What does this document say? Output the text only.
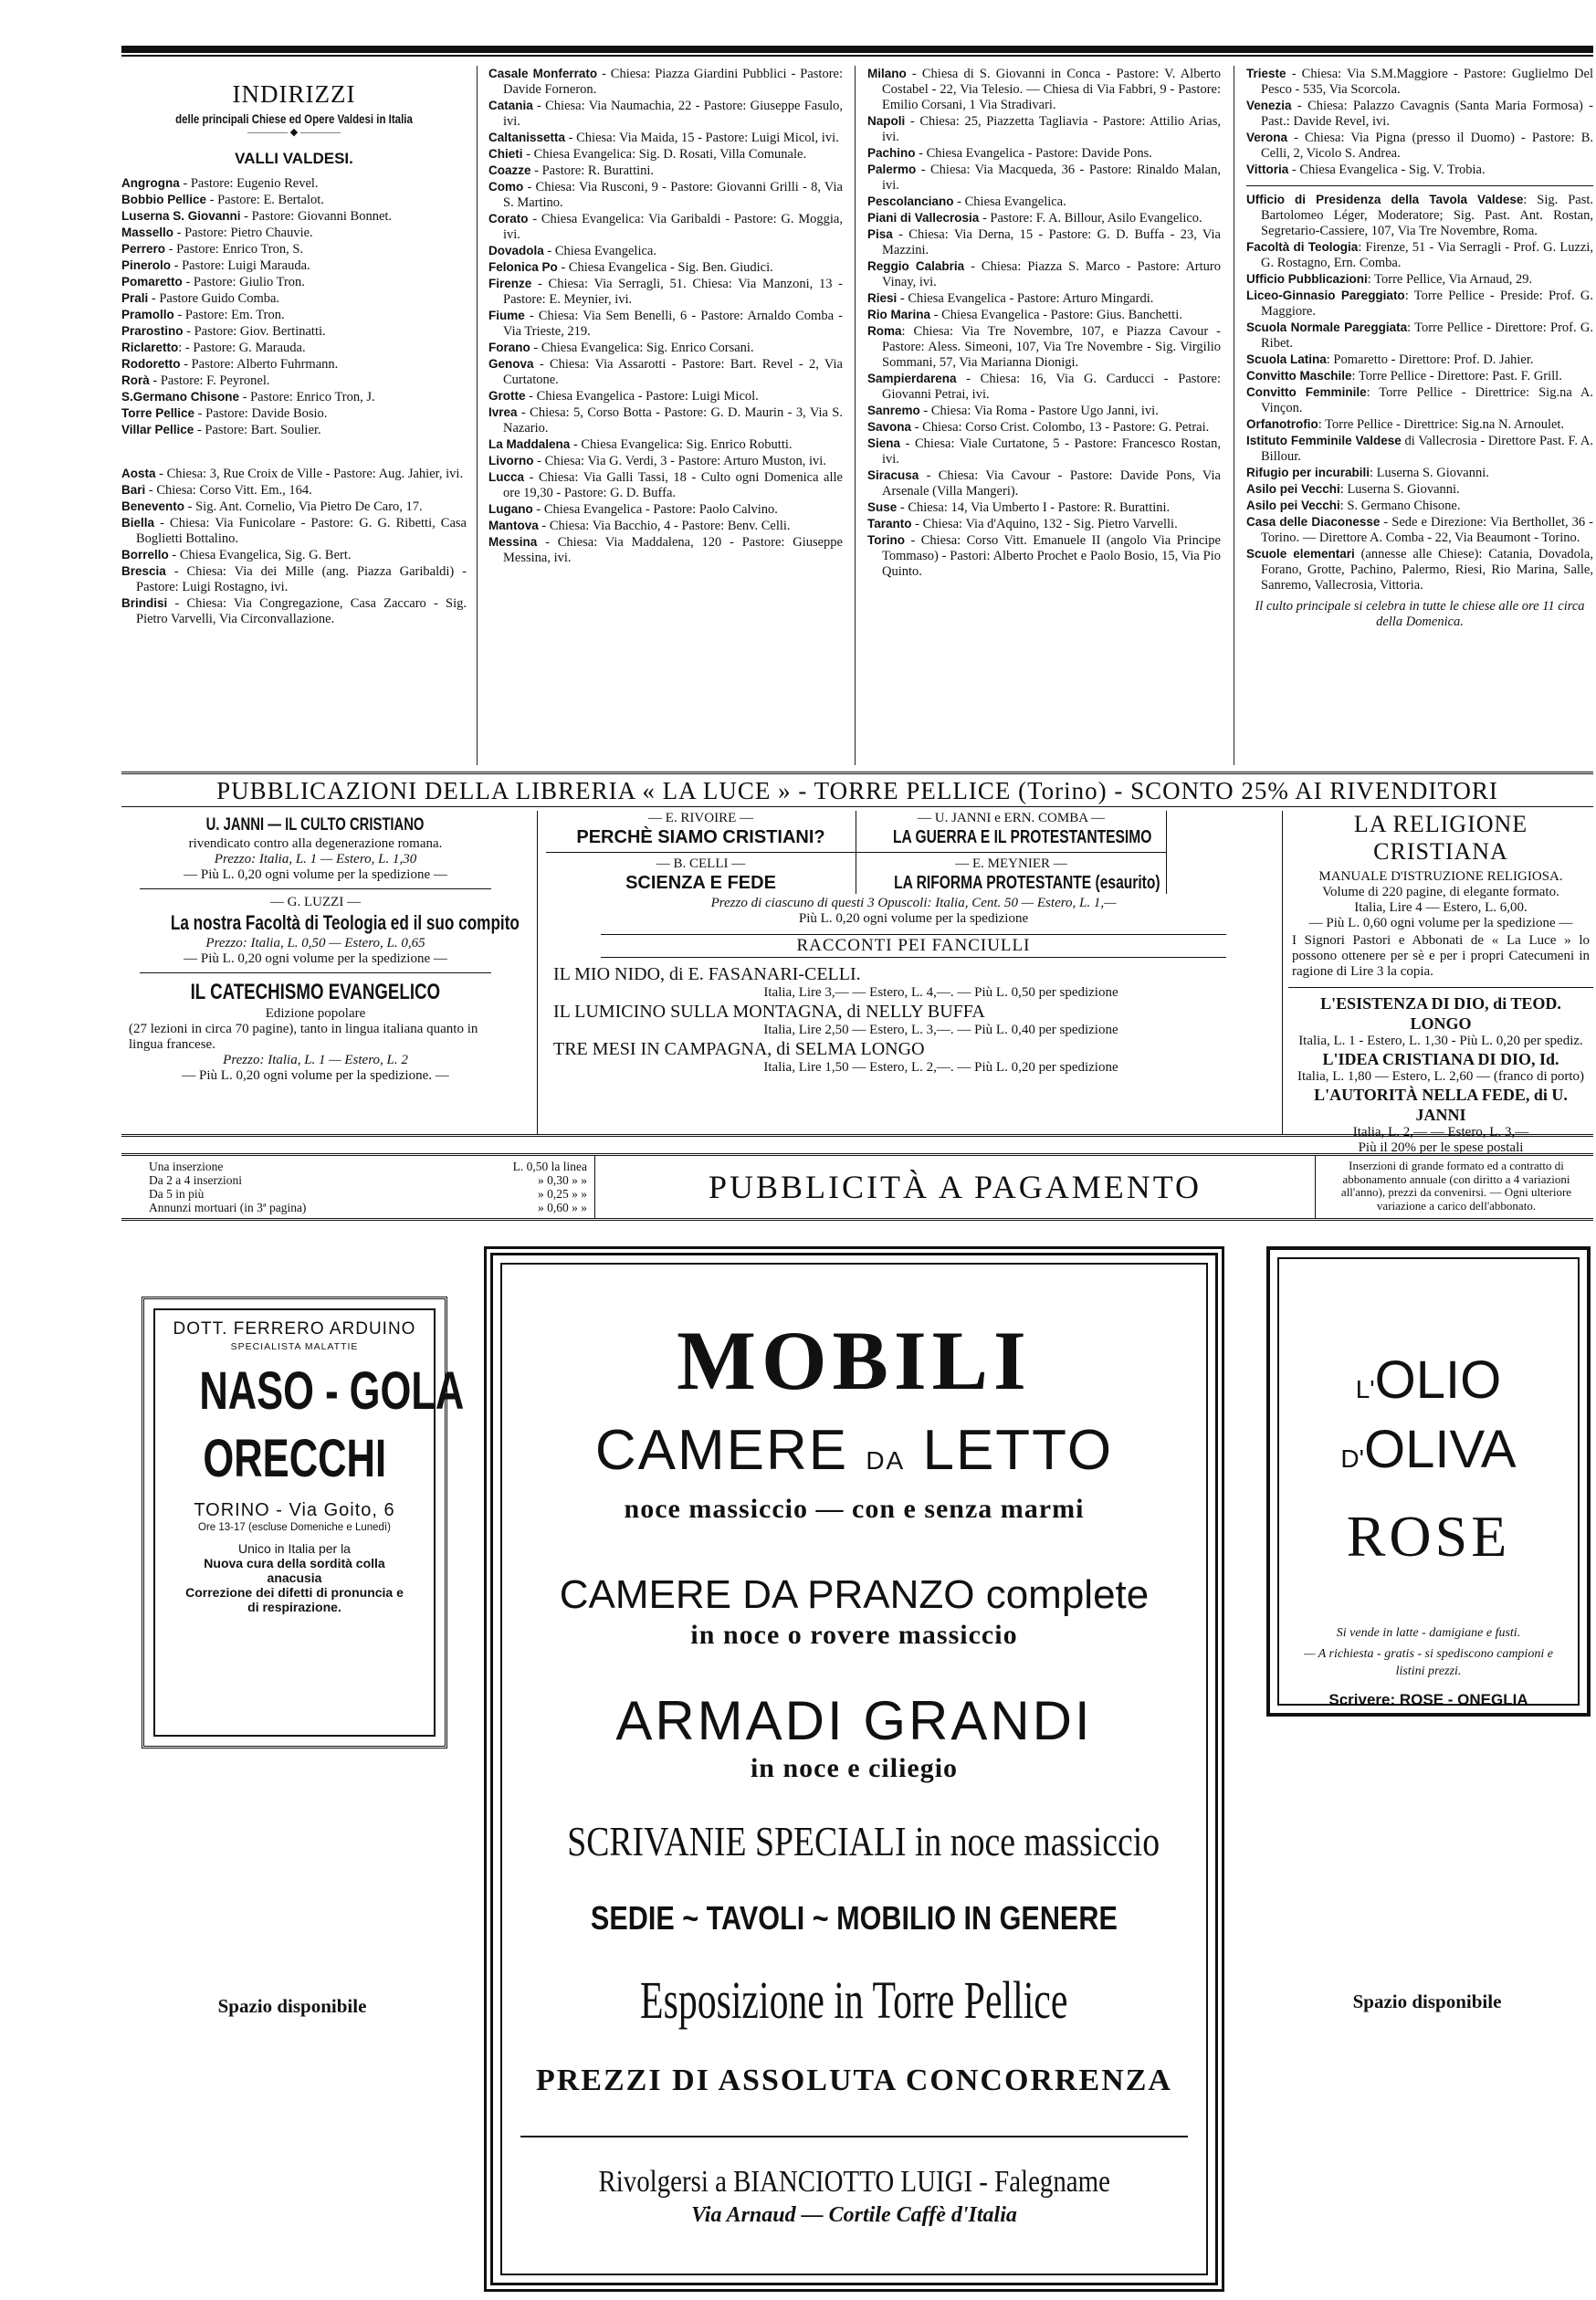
INDIRIZZI
delle principali Chiese ed Opere Valdesi in Italia
———— ◆ ————
VALLI VALDESI.
Angrogna - Pastore: Eugenio Revel.
Bobbio Pellice - Pastore: E. Bertalot.
Luserna S. Giovanni - Pastore: Giovanni Bonnet.
Massello - Pastore: Pietro Chauvie.
Perrero - Pastore: Enrico Tron, S.
Pinerolo - Pastore: Luigi Marauda.
Pomaretto - Pastore: Giulio Tron.
Prali - Pastore Guido Comba.
Pramollo - Pastore: Em. Tron.
Prarostino - Pastore: Giov. Bertinatti.
Riclaretto: - Pastore: G. Marauda.
Rodoretto - Pastore: Alberto Fuhrmann.
Rorà - Pastore: F. Peyronel.
S.Germano Chisone - Pastore: Enrico Tron, J.
Torre Pellice - Pastore: Davide Bosio.
Villar Pellice - Pastore: Bart. Soulier.
Aosta - Chiesa: 3, Rue Croix de Ville - Pastore: Aug. Jahier, ivi.
Bari - Chiesa: Corso Vitt. Em., 164.
Benevento - Sig. Ant. Cornelio, Via Pietro De Caro, 17.
Biella - Chiesa: Via Funicolare - Pastore: G. G. Ribetti, Casa Boglietti Bottalino.
Borrello - Chiesa Evangelica, Sig. G. Bert.
Brescia - Chiesa: Via dei Mille (ang. Piazza Garibaldi) - Pastore: Luigi Rostagno, ivi.
Brindisi - Chiesa: Via Congregazione, Casa Zaccaro - Sig. Pietro Varvelli, Via Circonvallazione.
Casale Monferrato - Chiesa: Piazza Giardini Pubblici - Pastore: Davide Forneron.
Catania - Chiesa: Via Naumachia, 22 - Pastore: Giuseppe Fasulo, ivi.
Caltanissetta - Chiesa: Via Maida, 15 - Pastore: Luigi Micol, ivi.
Chieti - Chiesa Evangelica: Sig. D. Rosati, Villa Comunale.
Coazze - Pastore: R. Burattini.
Como - Chiesa: Via Rusconi, 9 - Pastore: Giovanni Grilli - 8, Via S. Martino.
Corato - Chiesa Evangelica: Via Garibaldi - Pastore: G. Moggia, ivi.
Dovadola - Chiesa Evangelica.
Felonica Po - Chiesa Evangelica - Sig. Ben. Giudici.
Firenze - Chiesa: Via Serragli, 51. Chiesa: Via Manzoni, 13 - Pastore: E. Meynier, ivi.
Fiume - Chiesa: Via Sem Benelli, 6 - Pastore: Arnaldo Comba - Via Trieste, 219.
Forano - Chiesa Evangelica: Sig. Enrico Corsani.
Genova - Chiesa: Via Assarotti - Pastore: Bart. Revel - 2, Via Curtatone.
Grotte - Chiesa Evangelica - Pastore: Luigi Micol.
Ivrea - Chiesa: 5, Corso Botta - Pastore: G. D. Maurin - 3, Via S. Nazario.
La Maddalena - Chiesa Evangelica: Sig. Enrico Robutti.
Livorno - Chiesa: Via G. Verdi, 3 - Pastore: Arturo Muston, ivi.
Lucca - Chiesa: Via Galli Tassi, 18 - Culto ogni Domenica alle ore 19,30 - Pastore: G. D. Buffa.
Lugano - Chiesa Evangelica - Pastore: Paolo Calvino.
Mantova - Chiesa: Via Bacchio, 4 - Pastore: Benv. Celli.
Messina - Chiesa: Via Maddalena, 120 - Pastore: Giuseppe Messina, ivi.
Milano - Chiesa di S. Giovanni in Conca - Pastore: V. Alberto Costabel - 22, Via Telesio. — Chiesa di Via Fabbri, 9 - Pastore: Emilio Corsani, 1 Via Stradivari.
Napoli - Chiesa: 25, Piazzetta Tagliavia - Pastore: Attilio Arias, ivi.
Pachino - Chiesa Evangelica - Pastore: Davide Pons.
Palermo - Chiesa: Via Macqueda, 36 - Pastore: Rinaldo Malan, ivi.
Pescolanciano - Chiesa Evangelica.
Piani di Vallecrosia - Pastore: F. A. Billour, Asilo Evangelico.
Pisa - Chiesa: Via Derna, 15 - Pastore: G. D. Buffa - 23, Via Mazzini.
Reggio Calabria - Chiesa: Piazza S. Marco - Pastore: Arturo Vinay, ivi.
Riesi - Chiesa Evangelica - Pastore: Arturo Mingardi.
Rio Marina - Chiesa Evangelica - Pastore: Gius. Banchetti.
Roma: Chiesa: Via Tre Novembre, 107, e Piazza Cavour - Pastore: Aless. Simeoni, 107, Via Tre Novembre - Sig. Virgilio Sommani, 57, Via Marianna Dionigi.
Sampierdarena - Chiesa: 16, Via G. Carducci - Pastore: Giovanni Petrai, ivi.
Sanremo - Chiesa: Via Roma - Pastore Ugo Janni, ivi.
Savona - Chiesa: Corso Crist. Colombo, 13 - Pastore: G. Petrai.
Siena - Chiesa: Viale Curtatone, 5 - Pastore: Francesco Rostan, ivi.
Siracusa - Chiesa: Via Cavour - Pastore: Davide Pons, Via Arsenale (Villa Mangeri).
Suse - Chiesa: 14, Via Umberto I - Pastore: R. Burattini.
Taranto - Chiesa: Via d'Aquino, 132 - Sig. Pietro Varvelli.
Torino - Chiesa: Corso Vitt. Emanuele II (angolo Via Principe Tommaso) - Pastori: Alberto Prochet e Paolo Bosio, 15, Via Pio Quinto.
Trieste - Chiesa: Via S.M.Maggiore - Pastore: Guglielmo Del Pesco - 535, Via Scorcola.
Venezia - Chiesa: Palazzo Cavagnis (Santa Maria Formosa) - Past.: Davide Revel, ivi.
Verona - Chiesa: Via Pigna (presso il Duomo) - Pastore: B. Celli, 2, Vicolo S. Andrea.
Vittoria - Chiesa Evangelica - Sig. V. Trobia.
Ufficio di Presidenza della Tavola Valdese: Sig. Past. Bartolomeo Léger, Moderatore; Sig. Past. Ant. Rostan, Segretario-Cassiere, 107, Via Tre Novembre, Roma.
Facoltà di Teologia: Firenze, 51 - Via Serragli - Prof. G. Luzzi, G. Rostagno, Ern. Comba.
Ufficio Pubblicazioni: Torre Pellice, Via Arnaud, 29.
Liceo-Ginnasio Pareggiato: Torre Pellice - Preside: Prof. G. Maggiore.
Scuola Normale Pareggiata: Torre Pellice - Direttore: Prof. G. Ribet.
Scuola Latina: Pomaretto - Direttore: Prof. D. Jahier.
Convitto Maschile: Torre Pellice - Direttore: Past. F. Grill.
Convitto Femminile: Torre Pellice - Direttrice: Sig.na A. Vinçon.
Orfanotrofio: Torre Pellice - Direttrice: Sig.na N. Arnoulet.
Istituto Femminile Valdese di Vallecrosia - Direttore Past. F. A. Billour.
Rifugio per incurabili: Luserna S. Giovanni.
Asilo pei Vecchi: Luserna S. Giovanni.
Asilo pei Vecchi: S. Germano Chisone.
Casa delle Diaconesse - Sede e Direzione: Via Berthollet, 36 - Torino. — Direttore A. Comba - 22, Via Beaumont - Torino.
Scuole elementari (annesse alle Chiese): Catania, Dovadola, Forano, Grotte, Pachino, Palermo, Riesi, Rio Marina, Salle, Sanremo, Vallecrosia, Vittoria.
Il culto principale si celebra in tutte le chiese alle ore 11 circa della Domenica.
PUBBLICAZIONI DELLA LIBRERIA « LA LUCE » - TORRE PELLICE (Torino) - SCONTO 25% AI RIVENDITORI
U. JANNI — IL CULTO CRISTIANO
rivendicato contro alla degenerazione romana.
Prezzo: Italia, L. 1 — Estero, L. 1,30
— Più L. 0,20 ogni volume per la spedizione —
— G. LUZZI —
La nostra Facoltà di Teologia ed il suo compito
Prezzo: Italia, L. 0,50 — Estero, L. 0,65
— Più L. 0,20 ogni volume per la spedizione —
IL CATECHISMO EVANGELICO
Edizione popolare
(27 lezioni in circa 70 pagine), tanto in lingua italiana quanto in lingua francese.
Prezzo: Italia, L. 1 — Estero, L. 2
— Più L. 0,20 ogni volume per la spedizione. —
— E. RIVOIRE —
PERCHÈ SIAMO CRISTIANI?
— B. CELLI —
SCIENZA E FEDE
— U. JANNI e ERN. COMBA —
LA GUERRA E IL PROTESTANTESIMO
— E. MEYNIER —
LA RIFORMA PROTESTANTE (esaurito)
Prezzo di ciascuno di questi 3 Opuscoli: Italia, Cent. 50 — Estero, L. 1,—
Più L. 0,20 ogni volume per la spedizione
RACCONTI PEI FANCIULLI
IL MIO NIDO, di E. FASANARI-CELLI.
Italia, Lire 3,— — Estero, L. 4,—. — Più L. 0,50 per spedizione
IL LUMICINO SULLA MONTAGNA, di NELLY BUFFA
Italia, Lire 2,50 — Estero, L. 3,—. — Più L. 0,40 per spedizione
TRE MESI IN CAMPAGNA, di SELMA LONGO
Italia, Lire 1,50 — Estero, L. 2,—. — Più L. 0,20 per spedizione
LA RELIGIONE CRISTIANA
MANUALE D'ISTRUZIONE RELIGIOSA.
Volume di 220 pagine, di elegante formato.
Italia, Lire 4 — Estero, L. 6,00.
— Più L. 0,60 ogni volume per la spedizione —
I Signori Pastori e Abbonati de « La Luce » lo possono ottenere per sè e per i propri Catecumeni in ragione di Lire 3 la copia.
L'ESISTENZA DI DIO, di TEOD. LONGO
Italia, L. 1 - Estero, L. 1,30 - Più L. 0,20 per spediz.
L'IDEA CRISTIANA DI DIO, Id.
Italia, L. 1,80 — Estero, L. 2,60 — (franco di porto)
L'AUTORITÀ NELLA FEDE, di U. JANNI
Italia, L. 2,— — Estero, L. 3,—
Più il 20% per le spese postali
Una inserzione	L. 0,50 la linea
Da 2 a 4 inserzioni	» 0,30 » »
Da 5 in più	» 0,25 » »
Annunzi mortuari (in 3ª pagina)	» 0,60 » »
PUBBLICITÀ A PAGAMENTO
Inserzioni di grande formato ed a contratto di abbonamento annuale (con diritto a 4 variazioni all'anno), prezzi da convenirsi. — Ogni ulteriore variazione a carico dell'abbonato.
DOTT. FERRERO ARDUINO
SPECIALISTA MALATTIE
NASO - GOLA
ORECCHI
TORINO - Via Goito, 6
Ore 13-17 (escluse Domeniche e Lunedì)
Unico in Italia per la
Nuova cura della sordità colla anacusia
Correzione dei difetti di pronuncia e di respirazione.
Spazio disponibile
MOBILI
CAMERE DA LETTO
noce massiccio — con e senza marmi
CAMERE DA PRANZO complete
in noce o rovere massiccio
ARMADI GRANDI
in noce e ciliegio
SCRIVANIE SPECIALI in noce massiccio
SEDIE ~ TAVOLI ~ MOBILIO IN GENERE
Esposizione in Torre Pellice
PREZZI DI ASSOLUTA CONCORRENZA
Rivolgersi a BIANCIOTTO LUIGI - Falegname
Via Arnaud — Cortile Caffè d'Italia
L'OLIO D'OLIVA
ROSE
Si vende in latte - damigiane e fusti.
— A richiesta - gratis - si spediscono campioni e listini prezzi.
Scrivere: ROSE - ONEGLIA
Spazio disponibile
